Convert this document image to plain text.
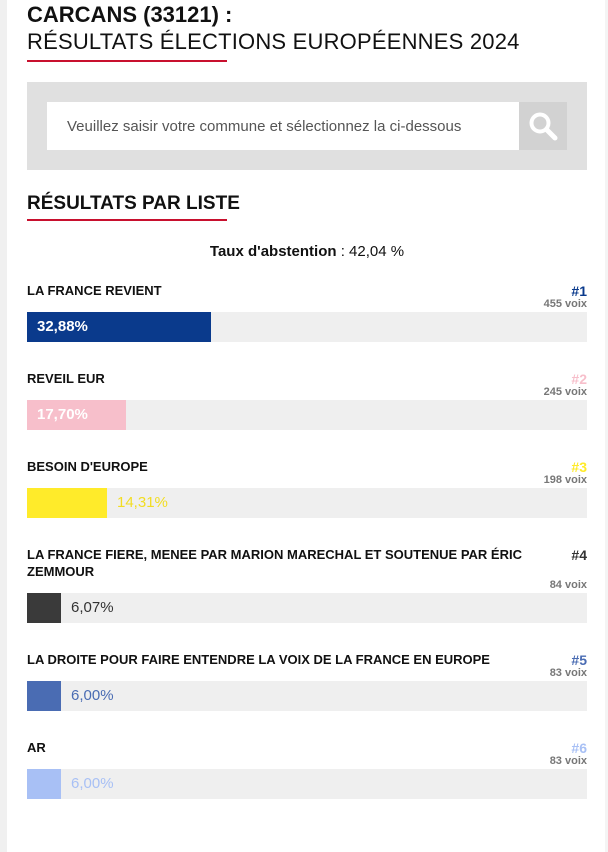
CARCANS (33121) :
RÉSULTATS ÉLECTIONS EUROPÉENNES 2024
Veuillez saisir votre commune et sélectionnez la ci-dessous
RÉSULTATS PAR LISTE
Taux d'abstention : 42,04 %
LA FRANCE REVIENT	#1
455 voix
32,88%
REVEIL EUR	#2
245 voix
17,70%
BESOIN D'EUROPE	#3
198 voix
14,31%
LA FRANCE FIERE, MENEE PAR MARION MARECHAL ET SOUTENUE PAR ÉRIC ZEMMOUR
#4
84 voix
6,07%
LA DROITE POUR FAIRE ENTENDRE LA VOIX DE LA FRANCE EN EUROPE	#5
83 voix
6,00%
AR	#6
83 voix
6,00%
